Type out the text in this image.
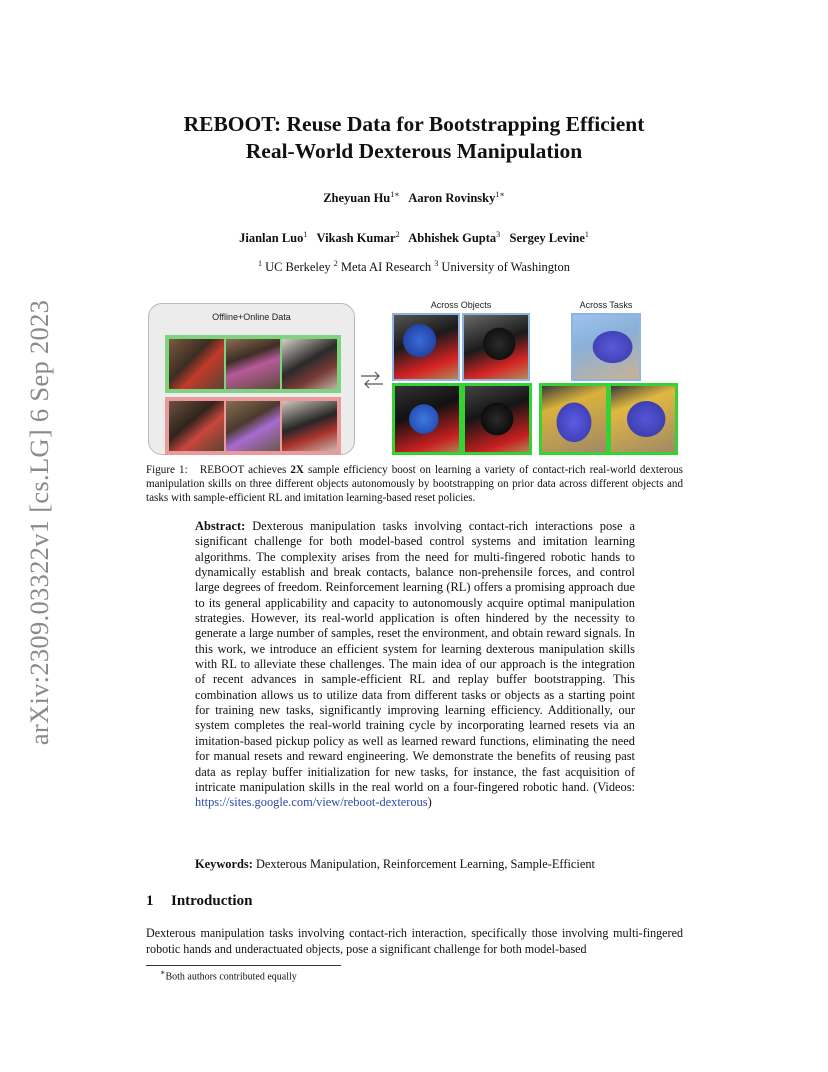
arXiv:2309.03322v1 [cs.LG] 6 Sep 2023
REBOOT: Reuse Data for Bootstrapping Efficient
Real-World Dexterous Manipulation
Zheyuan $Hu^{1∗}$ Aaron Rovinsky$^{1∗}$
Jianlan Luo$^1$ Vikash Kumar$^2$ Abhishek Gupta$^3$ Sergey Levine$^1$
$^1$ UC Berkeley $^2$ Meta AI Research $^3$ University of Washington
Offline+Online Data
Across Objects	Across Tasks
Figure 1: REBOOT achieves 2X sample efficiency boost on learning a variety of contact-rich real-world dexterous manipulation skills on three different objects autonomously by bootstrapping on prior data across different objects and tasks with sample-efficient RL and imitation learning-based reset policies.
Abstract: Dexterous manipulation tasks involving contact-rich interactions pose a significant challenge for both model-based control systems and imitation learning algorithms. The complexity arises from the need for multi-fingered robotic hands to dynamically establish and break contacts, balance non-prehensile forces, and control large degrees of freedom. Reinforcement learning (RL) offers a promising approach due to its general applicability and capacity to autonomously acquire optimal manipulation strategies. However, its real-world application is often hindered by the necessity to generate a large number of samples, reset the environment, and obtain reward signals. In this work, we introduce an efficient system for learning dexterous manipulation skills with RL to alleviate these challenges. The main idea of our approach is the integration of recent advances in sample-efficient RL and replay buffer bootstrapping. This combination allows us to utilize data from different tasks or objects as a starting point for training new tasks, significantly improving learning efficiency. Additionally, our system completes the real-world training cycle by incorporating learned resets via an imitation-based pickup policy as well as learned reward functions, eliminating the need for manual resets and reward engineering. We demonstrate the benefits of reusing past data as replay buffer initialization for new tasks, for instance, the fast acquisition of intricate manipulation skills in the real world on a four-fingered robotic hand. (Videos: https://sites.google.com/view/reboot-dexterous)
Keywords: Dexterous Manipulation, Reinforcement Learning, Sample-Efficient
1 Introduction
Dexterous manipulation tasks involving contact-rich interaction, specifically those involving multi-fingered robotic hands and underactuated objects, pose a significant challenge for both model-based
∗Both authors contributed equally
